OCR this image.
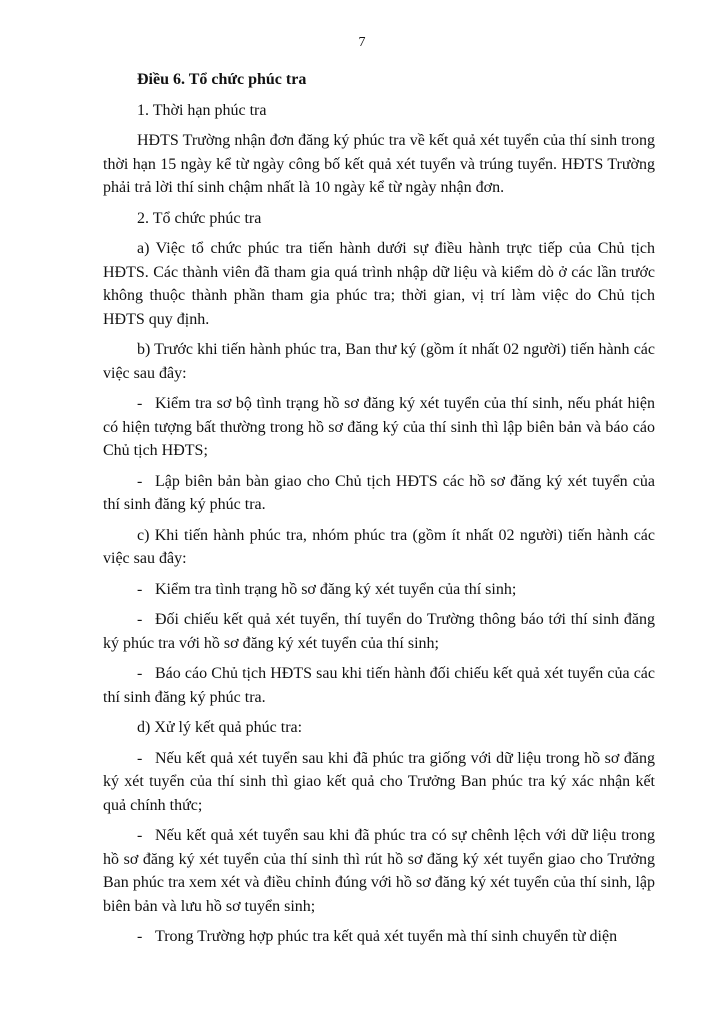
7

Điều 6. Tổ chức phúc tra

1. Thời hạn phúc tra

HĐTS Trường nhận đơn đăng ký phúc tra về kết quả xét tuyển của thí sinh trong thời hạn 15 ngày kể từ ngày công bố kết quả xét tuyển và trúng tuyển. HĐTS Trường phải trả lời thí sinh chậm nhất là 10 ngày kể từ ngày nhận đơn.

2. Tổ chức phúc tra

a) Việc tổ chức phúc tra tiến hành dưới sự điều hành trực tiếp của Chủ tịch HĐTS. Các thành viên đã tham gia quá trình nhập dữ liệu và kiểm dò ở các lần trước không thuộc thành phần tham gia phúc tra; thời gian, vị trí làm việc do Chủ tịch HĐTS quy định.

b) Trước khi tiến hành phúc tra, Ban thư ký (gồm ít nhất 02 người) tiến hành các việc sau đây:

- Kiểm tra sơ bộ tình trạng hồ sơ đăng ký xét tuyển của thí sinh, nếu phát hiện có hiện tượng bất thường trong hồ sơ đăng ký của thí sinh thì lập biên bản và báo cáo Chủ tịch HĐTS;

- Lập biên bản bàn giao cho Chủ tịch HĐTS các hồ sơ đăng ký xét tuyển của thí sinh đăng ký phúc tra.

c) Khi tiến hành phúc tra, nhóm phúc tra (gồm ít nhất 02 người) tiến hành các việc sau đây:

- Kiểm tra tình trạng hồ sơ đăng ký xét tuyển của thí sinh;

- Đối chiếu kết quả xét tuyển, thí tuyển do Trường thông báo tới thí sinh đăng ký phúc tra với hồ sơ đăng ký xét tuyển của thí sinh;

- Báo cáo Chủ tịch HĐTS sau khi tiến hành đối chiếu kết quả xét tuyển của các thí sinh đăng ký phúc tra.

d) Xử lý kết quả phúc tra:

- Nếu kết quả xét tuyển sau khi đã phúc tra giống với dữ liệu trong hồ sơ đăng ký xét tuyển của thí sinh thì giao kết quả cho Trưởng Ban phúc tra ký xác nhận kết quả chính thức;

- Nếu kết quả xét tuyển sau khi đã phúc tra có sự chênh lệch với dữ liệu trong hồ sơ đăng ký xét tuyển của thí sinh thì rút hồ sơ đăng ký xét tuyển giao cho Trưởng Ban phúc tra xem xét và điều chỉnh đúng với hồ sơ đăng ký xét tuyển của thí sinh, lập biên bản và lưu hồ sơ tuyển sinh;

- Trong Trường hợp phúc tra kết quả xét tuyển mà thí sinh chuyển từ diện
